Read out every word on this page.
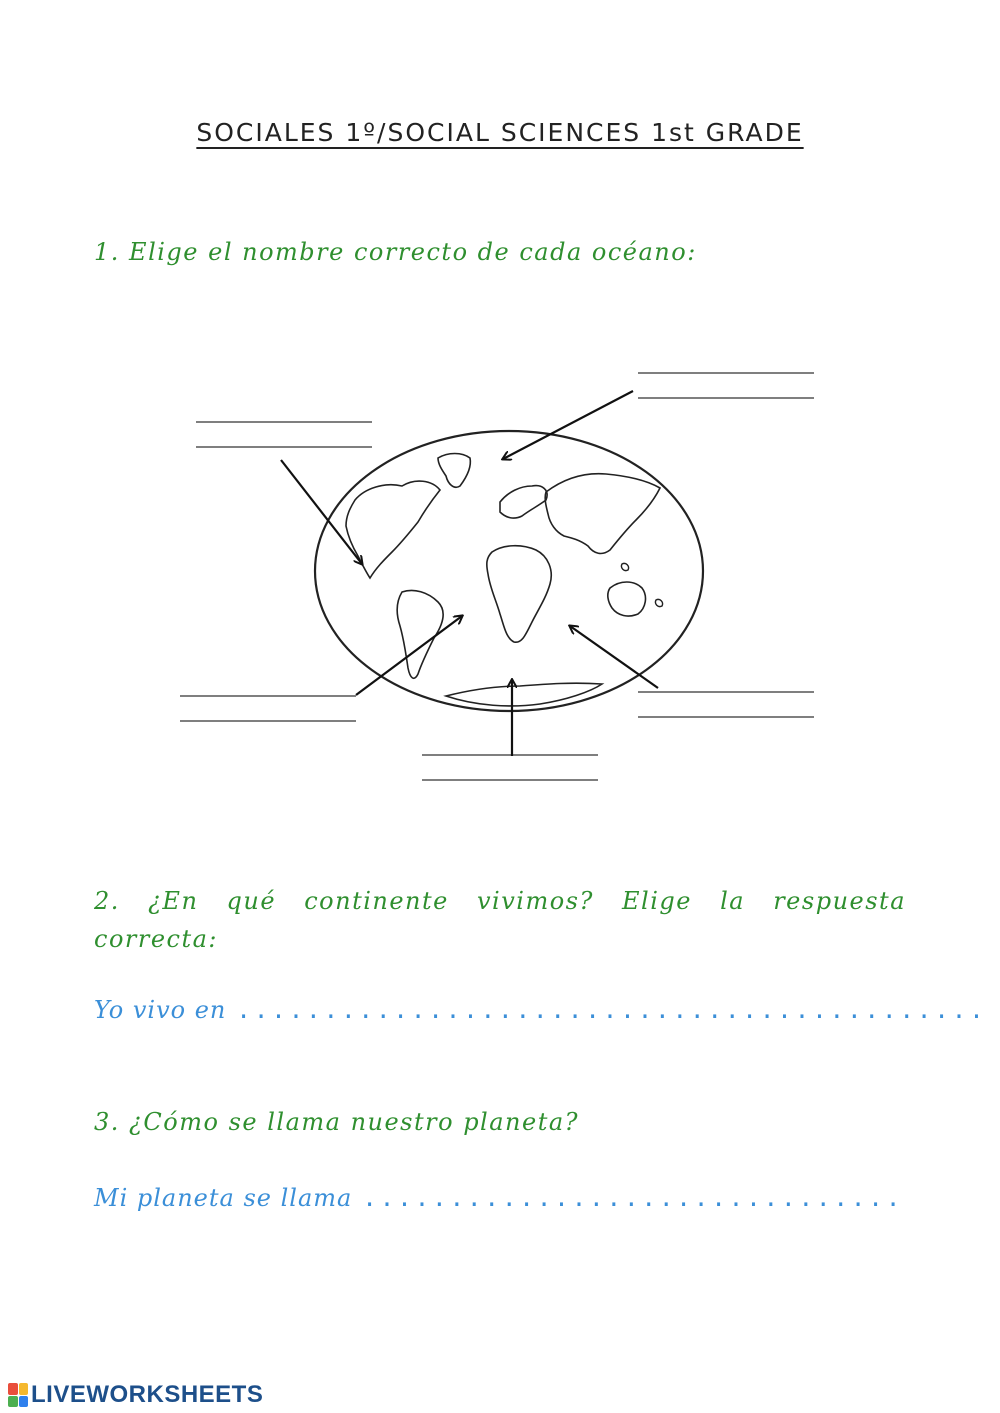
SOCIALES 1º/SOCIAL SCIENCES 1st GRADE
1. Elige el nombre correcto de cada océano:
2. ¿En qué continente vivimos? Elige la respuesta correcta:
Yo vivo en ...........................................
3. ¿Cómo se llama nuestro planeta?
Mi planeta se llama ...............................
LIVEWORKSHEETS
